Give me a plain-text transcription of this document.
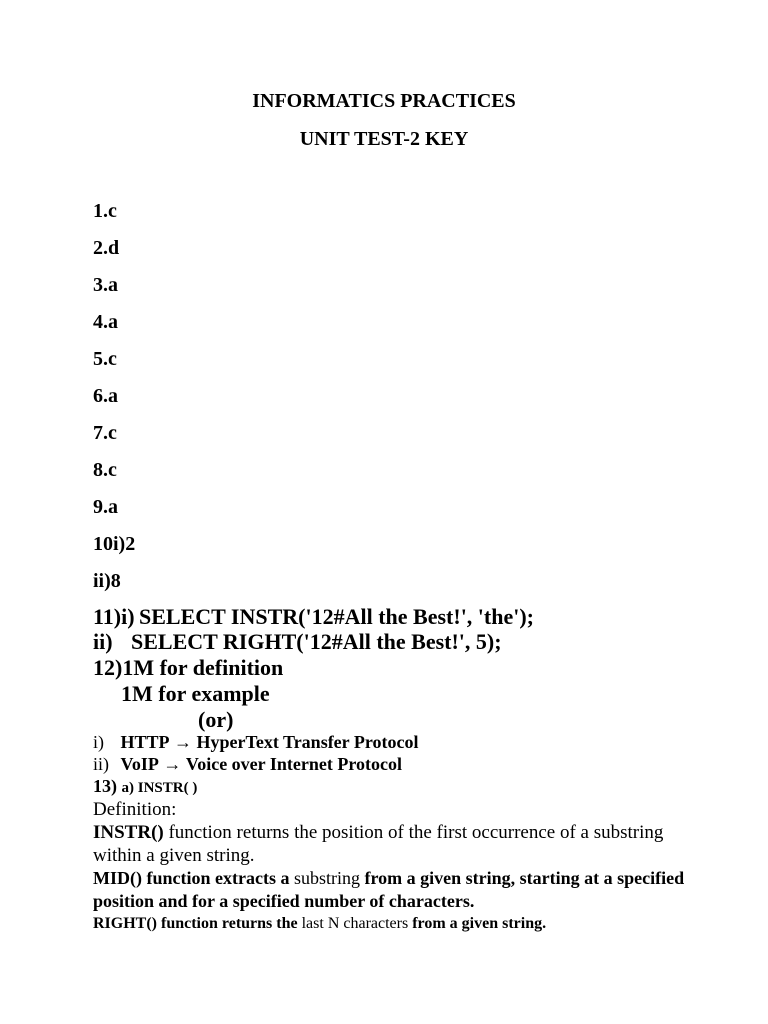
INFORMATICS PRACTICES
UNIT TEST-2 KEY
1.c
2.d
3.a
4.a
5.c
6.a
7.c
8.c
9.a
10i)2
ii)8
11)i) SELECT INSTR('12#All the Best!', 'the');
ii) SELECT RIGHT('12#All the Best!', 5);
12)1M for definition
1M for example
(or)
i) HTTP → HyperText Transfer Protocol
ii) VoIP → Voice over Internet Protocol

13) a) INSTR( )

Definition:

INSTR() function returns the position of the first occurrence of a substring within a given string.

MID() function extracts a substring from a given string, starting at a specified position and for a specified number of characters.

RIGHT() function returns the last N characters from a given string.
